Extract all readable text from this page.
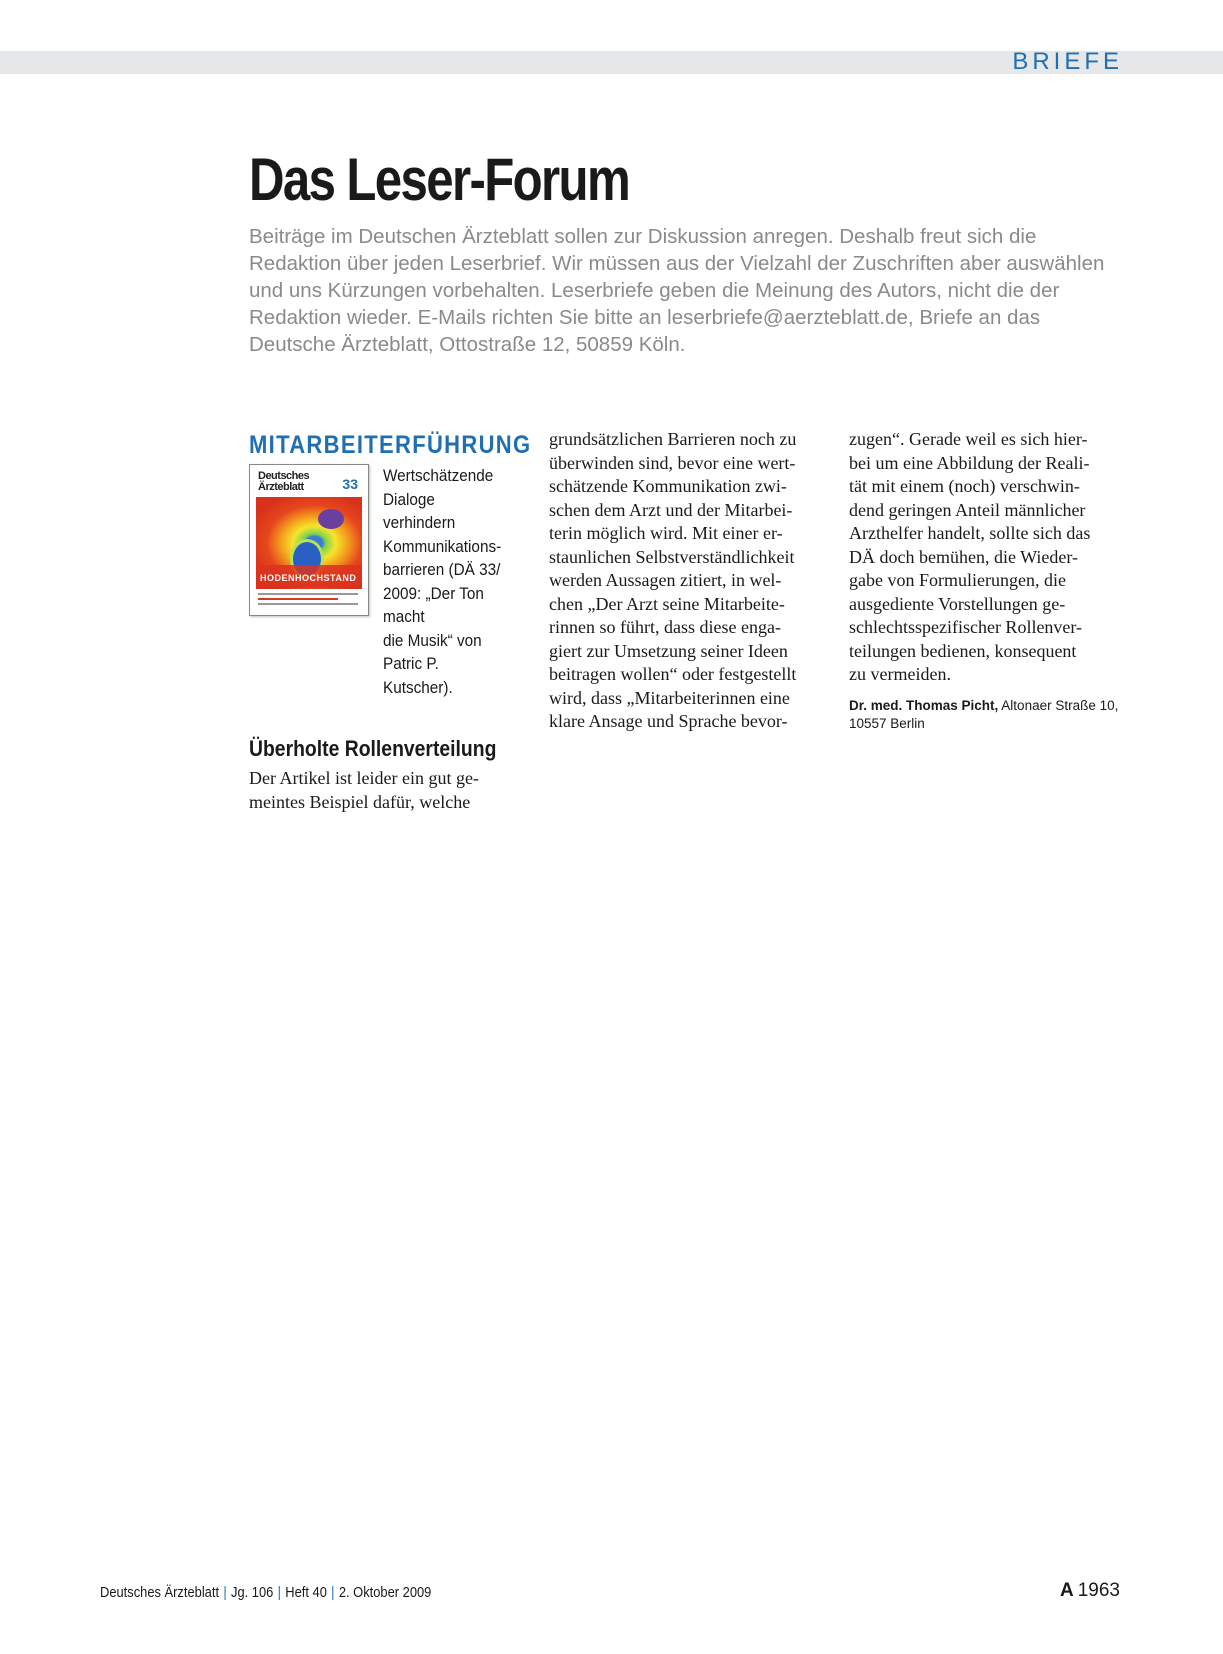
BRIEFE
Das Leser-Forum

Beiträge im Deutschen Ärzteblatt sollen zur Diskussion anregen. Deshalb freut sich die Redaktion über jeden Leserbrief. Wir müssen aus der Vielzahl der Zuschriften aber auswählen und uns Kürzungen vorbehalten. Leserbriefe geben die Meinung des Autors, nicht die der Redaktion wieder. E-Mails richten Sie bitte an leserbriefe@aerzteblatt.de, Briefe an das Deutsche Ärzteblatt, Ottostraße 12, 50859 Köln.

MITARBEITERFÜHRUNG
Deutsches
Ärzteblatt	33
HODENHOCHSTAND
Wertschätzende
Dialoge verhindern
Kommunikations-
barrieren (DÄ 33/
2009: „Der Ton macht
die Musik“ von
Patric P. Kutscher).
Überholte Rollenverteilung

Der Artikel ist leider ein gut ge-
meintes Beispiel dafür, welche

grundsätzlichen Barrieren noch zu
überwinden sind, bevor eine wert-
schätzende Kommunikation zwi-
schen dem Arzt und der Mitarbei-
terin möglich wird. Mit einer er-
staunlichen Selbstverständlichkeit
werden Aussagen zitiert, in wel-
chen „Der Arzt seine Mitarbeite-
rinnen so führt, dass diese enga-
giert zur Umsetzung seiner Ideen
beitragen wollen“ oder festgestellt
wird, dass „Mitarbeiterinnen eine
klare Ansage und Sprache bevor-

zugen“. Gerade weil es sich hier-
bei um eine Abbildung der Reali-
tät mit einem (noch) verschwin-
dend geringen Anteil männlicher
Arzthelfer handelt, sollte sich das
DÄ doch bemühen, die Wieder-
gabe von Formulierungen, die
ausgediente Vorstellungen ge-
schlechtsspezifischer Rollenver-
teilungen bedienen, konsequent
zu vermeiden.

Dr. med. Thomas Picht, Altonaer Straße 10,
10557 Berlin
Deutsches Ärzteblatt | Jg. 106 | Heft 40 | 2. Oktober 2009	A 1963
